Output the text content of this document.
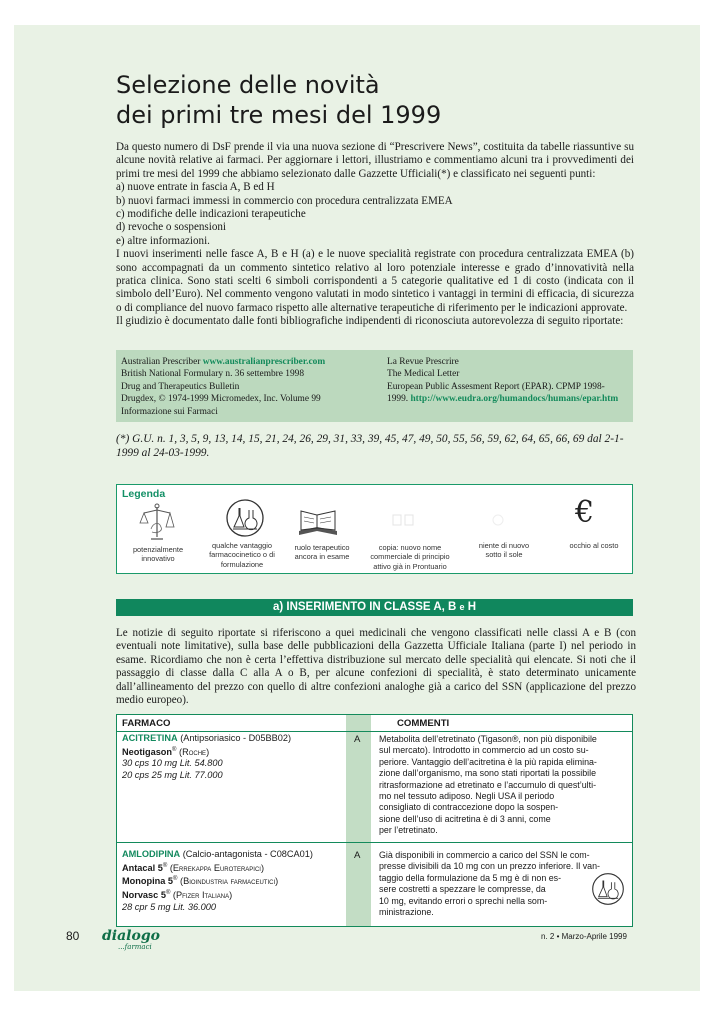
Selezione delle novità
dei primi tre mesi del 1999

Da questo numero di DsF prende il via una nuova sezione di “Prescrivere News”, costituita da tabelle riassuntive su alcune novità relative ai farmaci. Per aggiornare i lettori, illustriamo e commentiamo alcuni tra i provvedimenti dei primi tre mesi del 1999 che abbiamo selezionato dalle Gazzette Ufficiali(*) e classificato nei seguenti punti:

a) nuove entrate in fascia A, B ed H

b) nuovi farmaci immessi in commercio con procedura centralizzata EMEA

c) modifiche delle indicazioni terapeutiche

d) revoche o sospensioni

e) altre informazioni.

I nuovi inserimenti nelle fasce A, B e H (a) e le nuove specialità registrate con procedura centralizzata EMEA (b) sono accompagnati da un commento sintetico relativo al loro potenziale interesse e grado d’innovatività nella pratica clinica. Sono stati scelti 6 simboli corrispondenti a 5 categorie qualitative ed 1 di costo (indicata con il simbolo dell’Euro). Nel commento vengono valutati in modo sintetico i vantaggi in termini di efficacia, di sicurezza o di compliance del nuovo farmaco rispetto alle alternative terapeutiche di riferimento per le indicazioni approvate.

Il giudizio è documentato dalle fonti bibliografiche indipendenti di riconosciuta autorevolezza di seguito riportate:

Australian Prescriber www.australianprescriber.com
British National Formulary n. 36 settembre 1998
Drug and Therapeutics Bulletin
Drugdex, © 1974-1999 Micromedex, Inc. Volume 99
Informazione sui Farmaci
La Revue Prescrire
The Medical Letter
European Public Assesment Report (EPAR). CPMP 1998-
1999. http://www.eudra.org/humandocs/humans/epar.htm
(*) G.U. n. 1, 3, 5, 9, 13, 14, 15, 21, 24, 26, 29, 31, 33, 39, 45, 47, 49, 50, 55, 56, 59, 62, 64, 65, 66, 69 dal 2-1-1999 al 24-03-1999.
Legenda
€
potenzialmente innovativo
qualche vantaggio farmacocinetico o di formulazione
ruolo terapeutico ancora in esame
copia: nuovo nome commerciale di principio attivo già in Prontuario
niente di nuovo sotto il sole
occhio al costo
a) INSERIMENTO IN CLASSE A, B e H

Le notizie di seguito riportate si riferiscono a quei medicinali che vengono classificati nelle classi A e B (con eventuali note limitative), sulla base delle pubblicazioni della Gazzetta Ufficiale Italiana (parte I) nel periodo in esame. Ricordiamo che non è certa l’effettiva distribuzione sul mercato delle specialità qui elencate. Si noti che il passaggio di classe dalla C alla A o B, per alcune confezioni di specialità, è stato determinato unicamente dall’allineamento del prezzo con quello di altre confezioni analoghe già a carico del SSN (applicazione del prezzo medio europeo).

FARMACO	COMMENTI
ACITRETINA (Antipsoriasico - D05BB02)
Neotigason® (Roche)
30 cps 10 mg Lit. 54.800
20 cps 25 mg Lit. 77.000
A Metabolita dell’etretinato (Tigason®, non più disponibile
sul mercato). Introdotto in commercio ad un costo su-
periore. Vantaggio dell’acitretina è la più rapida elimina-
zione dall’organismo, ma sono stati riportati la possibile
ritrasformazione ad etretinato e l’accumulo di quest’ulti-
mo nel tessuto adiposo. Negli USA il periodo
consigliato di contraccezione dopo la sospen-
sione dell’uso di acitretina è di 3 anni, come
per l’etretinato.
AMLODIPINA (Calcio-antagonista - C08CA01)
Antacal 5® (Errekappa Euroterapici)
Monopina 5® (Bioindustria farmaceutici)
Norvasc 5® (Pfizer Italiana)
28 cpr 5 mg Lit. 36.000
A Già disponibili in commercio a carico del SSN le com-
presse divisibili da 10 mg con un prezzo inferiore. Il van-
taggio della formulazione da 5 mg è di non es-
sere costretti a spezzare le compresse, da
10 mg, evitando errori o sprechi nella som-
ministrazione.
80 dialogo
...farmaci
n. 2 • Marzo-Aprile 1999
